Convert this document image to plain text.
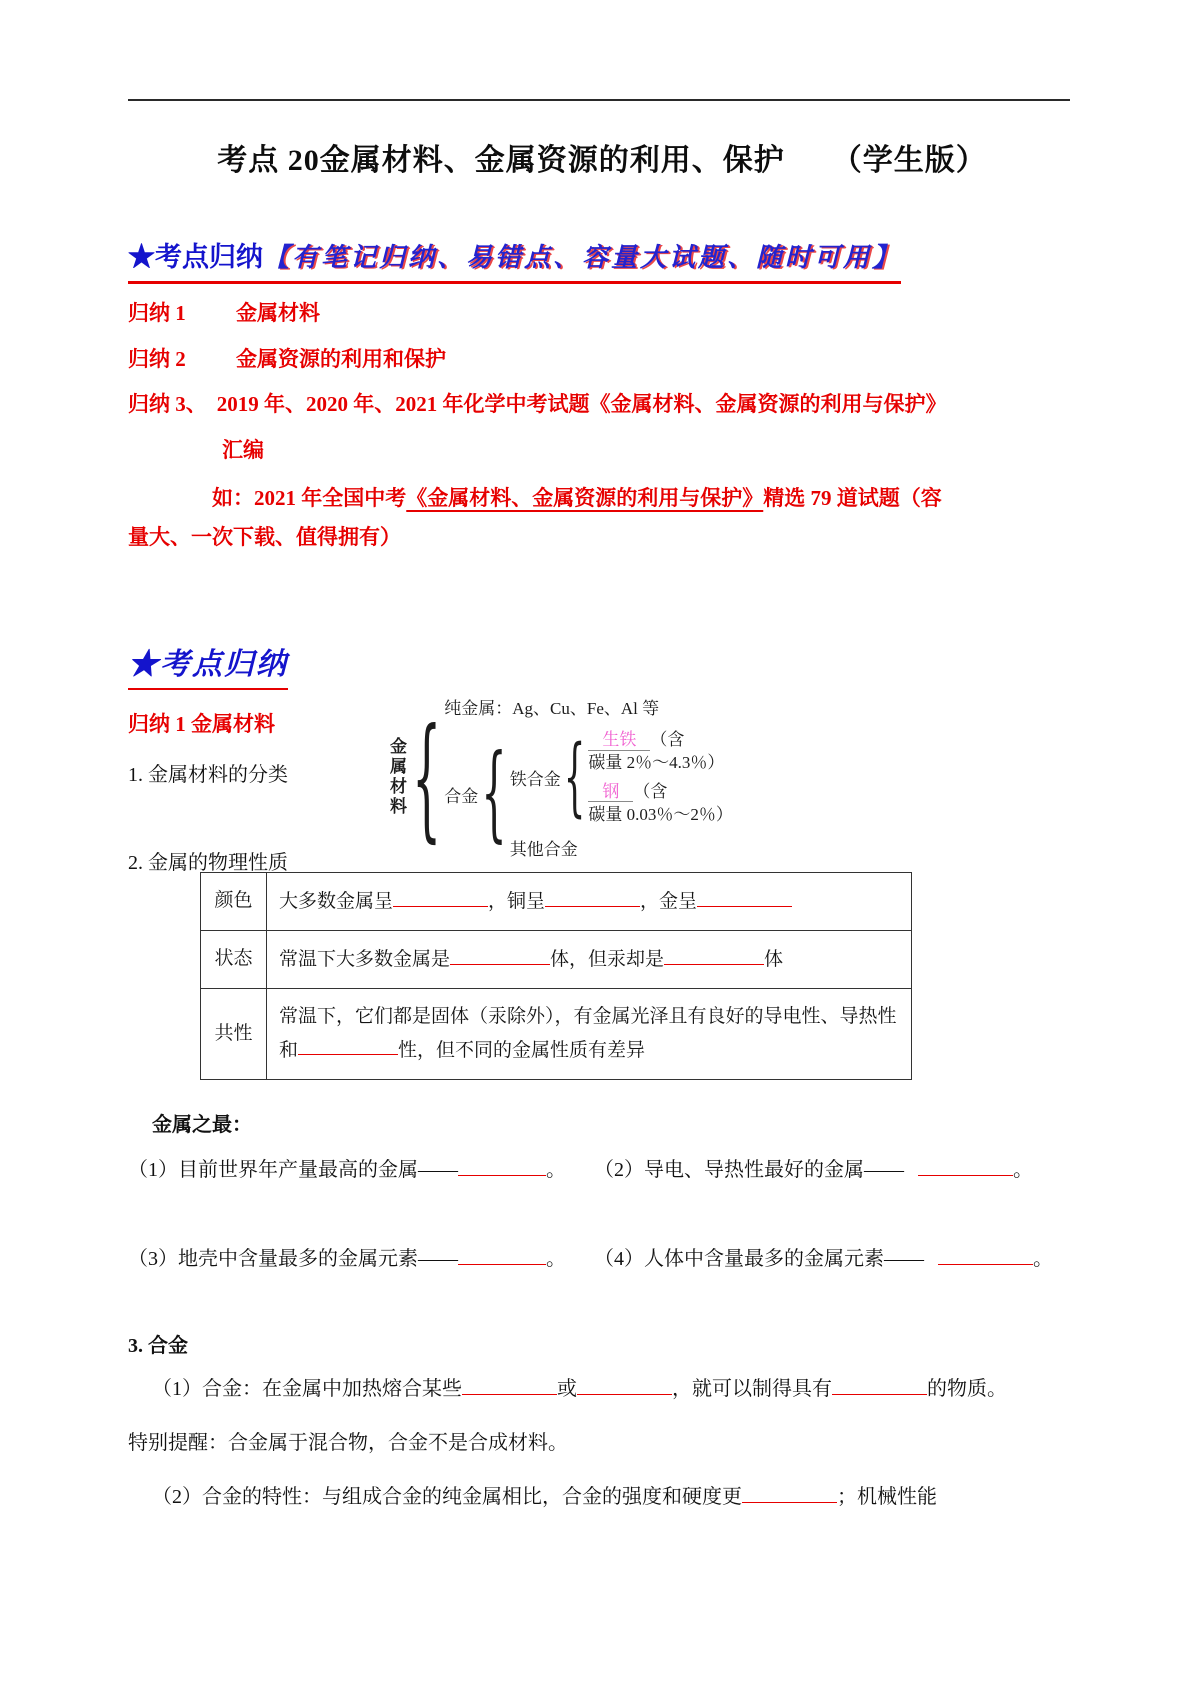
考点 20金属材料、金属资源的利用、保护　　（学生版）
★考点归纳【有笔记归纳、易错点、容量大试题、随时可用】
归纳 1 金属材料
归纳 2 金属资源的利用和保护
归纳 3、 2019 年、2020 年、2021 年化学中考试题《金属材料、金属资源的利用与保护》
汇编
如：2021 年全国中考《金属材料、金属资源的利用与保护》精选 79 道试题（容
量大、一次下载、值得拥有）
★考点归纳
归纳 1 金属材料
1. 金属材料的分类
2. 金属的物理性质
金属材料 { 纯金属：Ag、Cu、Fe、Al 等
合金 { 铁合金 {	生铁 （含
碳量 2％～4.3％）
钢 （含
碳量 0.03％～2％）
其他合金
颜色	大多数金属呈 ，铜呈 ，金呈
状态	常温下大多数金属是 体，但汞却是 体
共性	常温下，它们都是固体（汞除外），有金属光泽且有良好的导电性、导热性和 性，但不同的金属性质有差异
金属之最：
（1）目前世界年产量最高的金属——	。 （2）导电、导热性最好的金属——	。
（3）地壳中含量最多的金属元素——	。 （4）人体中含量最多的金属元素——	。
3. 合金
（1）合金：在金属中加热熔合某些	或	，就可以制得具有	的物质。
特别提醒：合金属于混合物，合金不是合成材料。
（2）合金的特性：与组成合金的纯金属相比，合金的强度和硬度更	；机械性能
